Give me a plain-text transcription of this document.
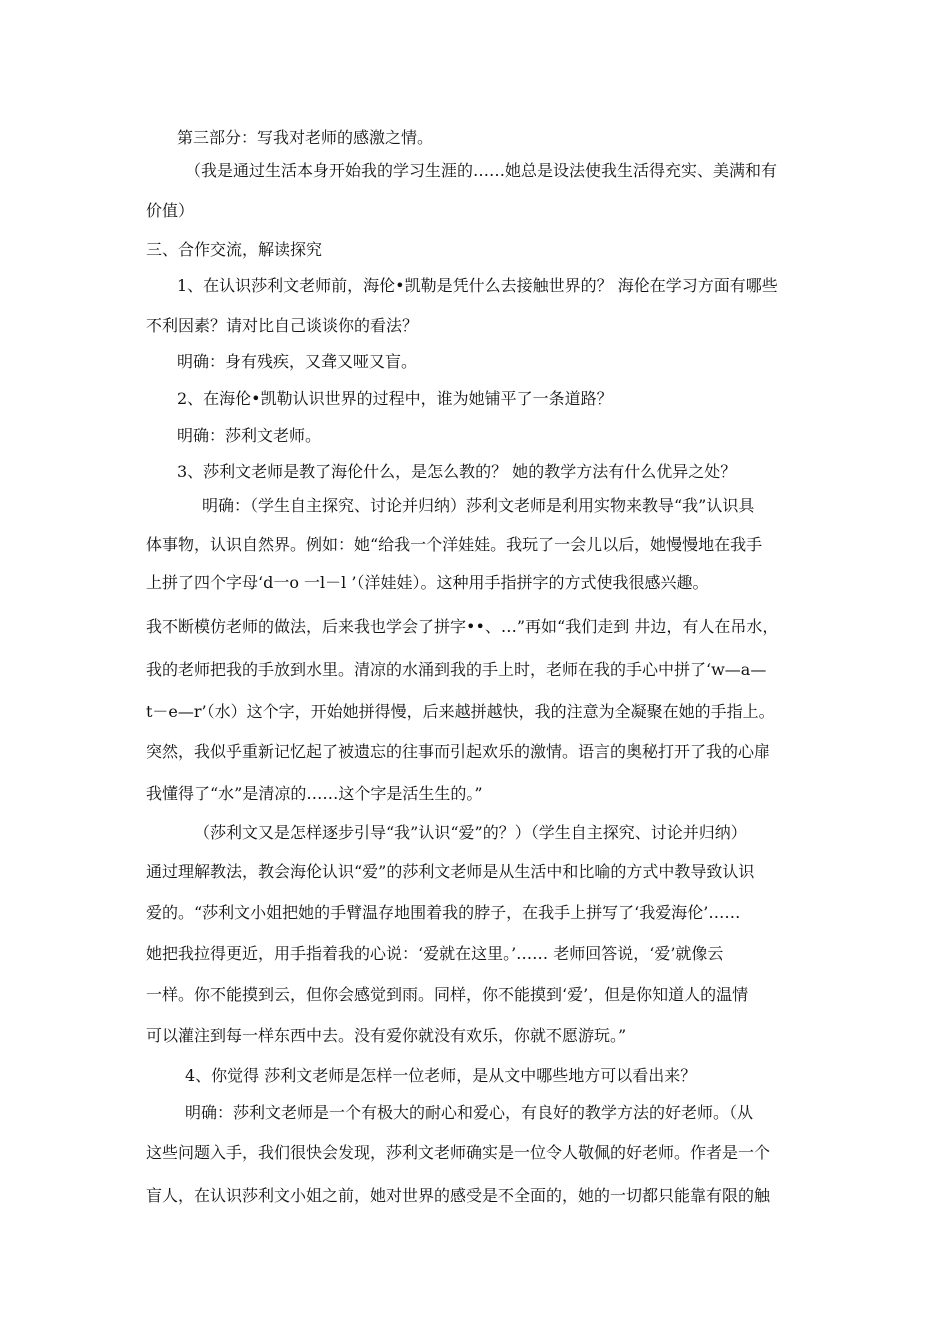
第三部分：写我对老师的感激之情。

（我是通过生活本身开始我的学习生涯的……她总是设法使我生活得充实、美满和有

价值）

三、合作交流，解读探究

1、在认识莎利文老师前，海伦•凯勒是凭什么去接触世界的？ 海伦在学习方面有哪些

不利因素？请对比自己谈谈你的看法？

明确：身有残疾，又聋又哑又盲。

2、在海伦•凯勒认识世界的过程中，谁为她铺平了一条道路？

明确：莎利文老师。

3、莎利文老师是教了海伦什么，是怎么教的？ 她的教学方法有什么优异之处？

明确：（学生自主探究、讨论并归纳）莎利文老师是利用实物来教导“我”认识具

体事物，认识自然界。例如：她“给我一个洋娃娃。我玩了一会儿以后，她慢慢地在我手

上拼了四个字母‘d一o 一l－l ’（洋娃娃）。这种用手指拼字的方式使我很感兴趣。

我不断模仿老师的做法，后来我也学会了拼字••、…”再如“我们走到 井边，有人在吊水，

我的老师把我的手放到水里。清凉的水涌到我的手上时，老师在我的手心中拼了‘w—a—

t－e—r’（水）这个字，开始她拼得慢，后来越拼越快，我的注意为全凝聚在她的手指上。

突然，我似乎重新记忆起了被遗忘的往事而引起欢乐的激情。语言的奥秘打开了我的心扉

我懂得了“水”是清凉的……这个字是活生生的。”

（莎利文又是怎样逐步引导“我”认识“爱”的？）（学生自主探究、讨论并归纳）

通过理解教法，教会海伦认识“爱”的莎利文老师是从生活中和比喻的方式中教导致认识

爱的。“莎利文小姐把她的手臂温存地围着我的脖子，在我手上拼写了‘我爱海伦’……

她把我拉得更近，用手指着我的心说：‘爱就在这里。’…… 老师回答说，‘爱’就像云

一样。你不能摸到云，但你会感觉到雨。同样，你不能摸到‘爱’，但是你知道人的温情

可以灌注到每一样东西中去。没有爱你就没有欢乐，你就不愿游玩。”

4、你觉得 莎利文老师是怎样一位老师，是从文中哪些地方可以看出来？

明确：莎利文老师是一个有极大的耐心和爱心，有良好的教学方法的好老师。（从

这些问题入手，我们很快会发现，莎利文老师确实是一位令人敬佩的好老师。作者是一个

盲人，在认识莎利文小姐之前，她对世界的感受是不全面的，她的一切都只能靠有限的触
